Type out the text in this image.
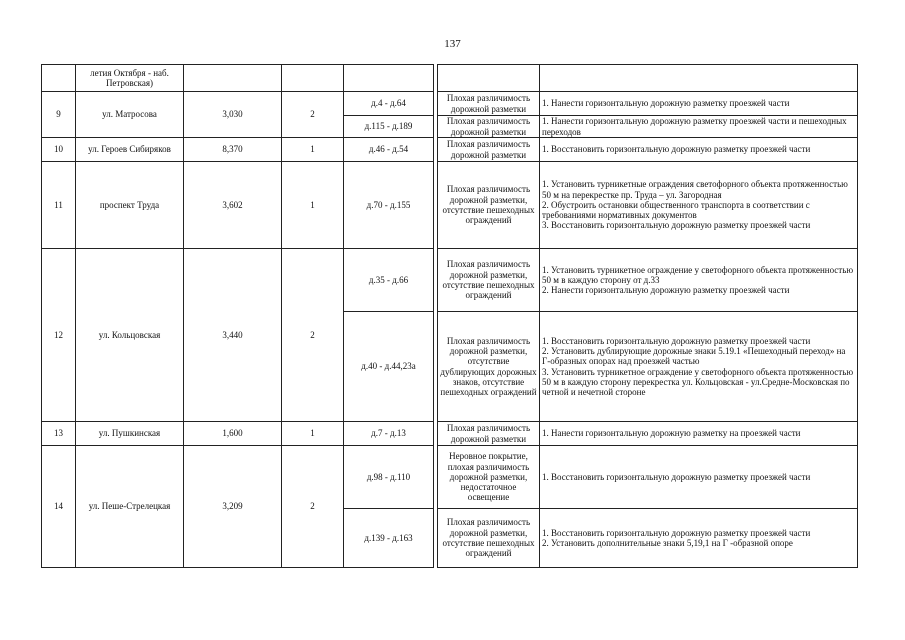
137
	летия Октября - наб. Петровская)						

9	ул. Матросова	3,030	2	д.4 - д.64		Плохая различимость дорожной разметки	1. Нанести горизонтальную дорожную разметку проезжей части

				д.115 - д.189		Плохая различимость дорожной разметки	1. Нанести горизонтальную дорожную разметку проезжей части и пешеходных переходов

10	ул. Героев Сибиряков	8,370	1	д.46 - д.54		Плохая различимость дорожной разметки	1. Восстановить горизонтальную дорожную разметку проезжей части

11	проспект Труда	3,602	1	д.70 - д.155		Плохая различимость дорожной разметки, отсутствие пешеходных ограждений	1. Установить турникетные ограждения светофорного объекта протяженностью 50 м на перекрестке пр. Труда – ул. Загородная
2. Обустроить остановки общественного транспорта в соответствии с требованиями нормативных документов
3. Восстановить горизонтальную дорожную разметку проезжей части

12	ул. Кольцовская	3,440	2	д.35 - д.66		Плохая различимость дорожной разметки, отсутствие пешеходных ограждений	1. Установить турникетное ограждение у светофорного объекта протяженностью 50 м в каждую сторону от д.33
2. Нанести горизонтальную дорожную разметку проезжей части

				д.40 - д.44,23а		Плохая различимость дорожной разметки, отсутствие дублирующих дорожных знаков, отсутствие пешеходных ограждений	1. Восстановить горизонтальную дорожную разметку проезжей части
2. Установить дублирующие дорожные знаки 5.19.1 «Пешеходный переход» на Г-образных опорах над проезжей частью
3. Установить турникетное ограждение у светофорного объекта протяженностью 50 м в каждую сторону перекрестка ул. Кольцовская - ул.Средне-Московская по четной и нечетной стороне

13	ул. Пушкинская	1,600	1	д.7 - д.13		Плохая различимость дорожной разметки	1. Нанести горизонтальную дорожную разметку на проезжей части

14	ул. Пеше-Стрелецкая	3,209	2	д.98 - д.110		Неровное покрытие, плохая различимость дорожной разметки, недостаточное освещение	1. Восстановить горизонтальную дорожную разметку проезжей части

				д.139 - д.163		Плохая различимость дорожной разметки, отсутствие пешеходных ограждений	1. Восстановить горизонтальную дорожную разметку проезжей части
2. Установить дополнительные знаки 5,19,1 на Г -образной опоре
